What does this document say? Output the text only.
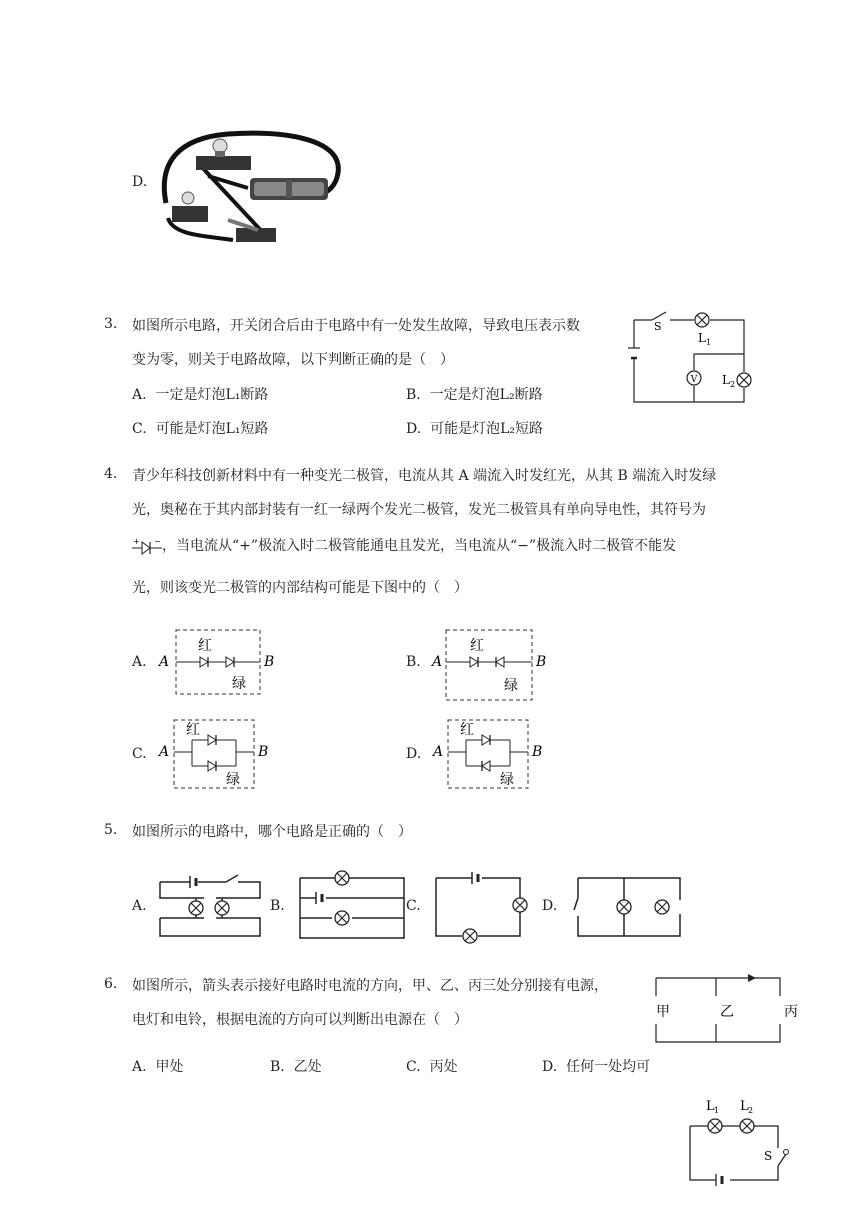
D.
3. 如图所示电路，开关闭合后由于电路中有一处发生故障，导致电压表示数
变为零，则关于电路故障，以下判断正确的是（　）
A. 一定是灯泡L₁断路	B. 一定是灯泡L₂断路
C. 可能是灯泡L₁短路	D. 可能是灯泡L₂短路
V
S
L 1
L 2
4. 青少年科技创新材料中有一种变光二极管，电流从其 A 端流入时发红光，从其 B 端流入时发绿
光，奥秘在于其内部封装有一红一绿两个发光二极管，发光二极管具有单向导电性，其符号为
+ − ，当电流从“+”极流入时二极管能通电且发光，当电流从“−”极流入时二极管不能发
光，则该变光二极管的内部结构可能是下图中的（　）
A. A	B
红
绿
B. A	B
红
绿
C. A	B
红
绿
D. A	B
红
绿
5. 如图所示的电路中，哪个电路是正确的（　）
A.	B.	C.	D.
6. 如图所示，箭头表示接好电路时电流的方向，甲、乙、丙三处分别接有电源，
电灯和电铃，根据电流的方向可以判断出电源在（　）
A. 甲处	B. 乙处	C. 丙处	D. 任何一处均可
甲	乙	丙
L 1 L 2
S
